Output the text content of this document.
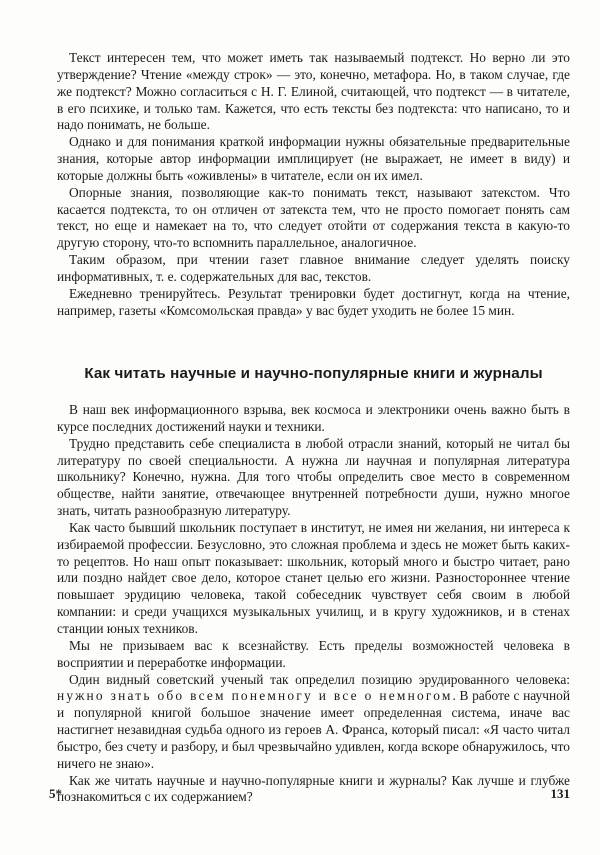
Текст интересен тем, что может иметь так называемый подтекст. Но верно ли это утверждение? Чтение «между строк» — это, конечно, метафора. Но, в таком случае, где же подтекст? Можно согласиться с Н. Г. Елиной, считающей, что подтекст — в читателе, в его психике, и только там. Кажется, что есть тексты без подтекста: что написано, то и надо понимать, не больше.

Однако и для понимания краткой информации нужны обязательные предварительные знания, которые автор информации имплицирует (не выражает, не имеет в виду) и которые должны быть «оживлены» в читателе, если он их имел.

Опорные знания, позволяющие как-то понимать текст, называют затекстом. Что касается подтекста, то он отличен от затекста тем, что не просто помогает понять сам текст, но еще и намекает на то, что следует отойти от содержания текста в какую-то другую сторону, что-то вспомнить параллельное, аналогичное.

Таким образом, при чтении газет главное внимание следует уделять поиску информативных, т. е. содержательных для вас, текстов.

Ежедневно тренируйтесь. Результат тренировки будет достигнут, когда на чтение, например, газеты «Комсомольская правда» у вас будет уходить не более 15 мин.

Как читать научные и научно-популярные книги и журналы

В наш век информационного взрыва, век космоса и электроники очень важно быть в курсе последних достижений науки и техники.

Трудно представить себе специалиста в любой отрасли знаний, который не читал бы литературу по своей специальности. А нужна ли научная и популярная литература школьнику? Конечно, нужна. Для того чтобы определить свое место в современном обществе, найти занятие, отвечающее внутренней потребности души, нужно многое знать, читать разнообразную литературу.

Как часто бывший школьник поступает в институт, не имея ни желания, ни интереса к избираемой профессии. Безусловно, это сложная проблема и здесь не может быть каких-то рецептов. Но наш опыт показывает: школьник, который много и быстро читает, рано или поздно найдет свое дело, которое станет целью его жизни. Разностороннее чтение повышает эрудицию человека, такой собеседник чувствует себя своим в любой компании: и среди учащихся музыкальных училищ, и в кругу художников, и в стенах станции юных техников.

Мы не призываем вас к всезнайству. Есть пределы возможностей человека в восприятии и переработке информации.

Один видный советский ученый так определил позицию эрудированного человека: нужно знать обо всем понемногу и все о немногом. В работе с научной и популярной книгой большое значение имеет определенная система, иначе вас настигнет незавидная судьба одного из героев А. Франса, который писал: «Я часто читал быстро, без счету и разбору, и был чрезвычайно удивлен, когда вскоре обнаружилось, что ничего не знаю».

Как же читать научные и научно-популярные книги и журналы? Как лучше и глубже познакомиться с их содержанием?

5*	131
